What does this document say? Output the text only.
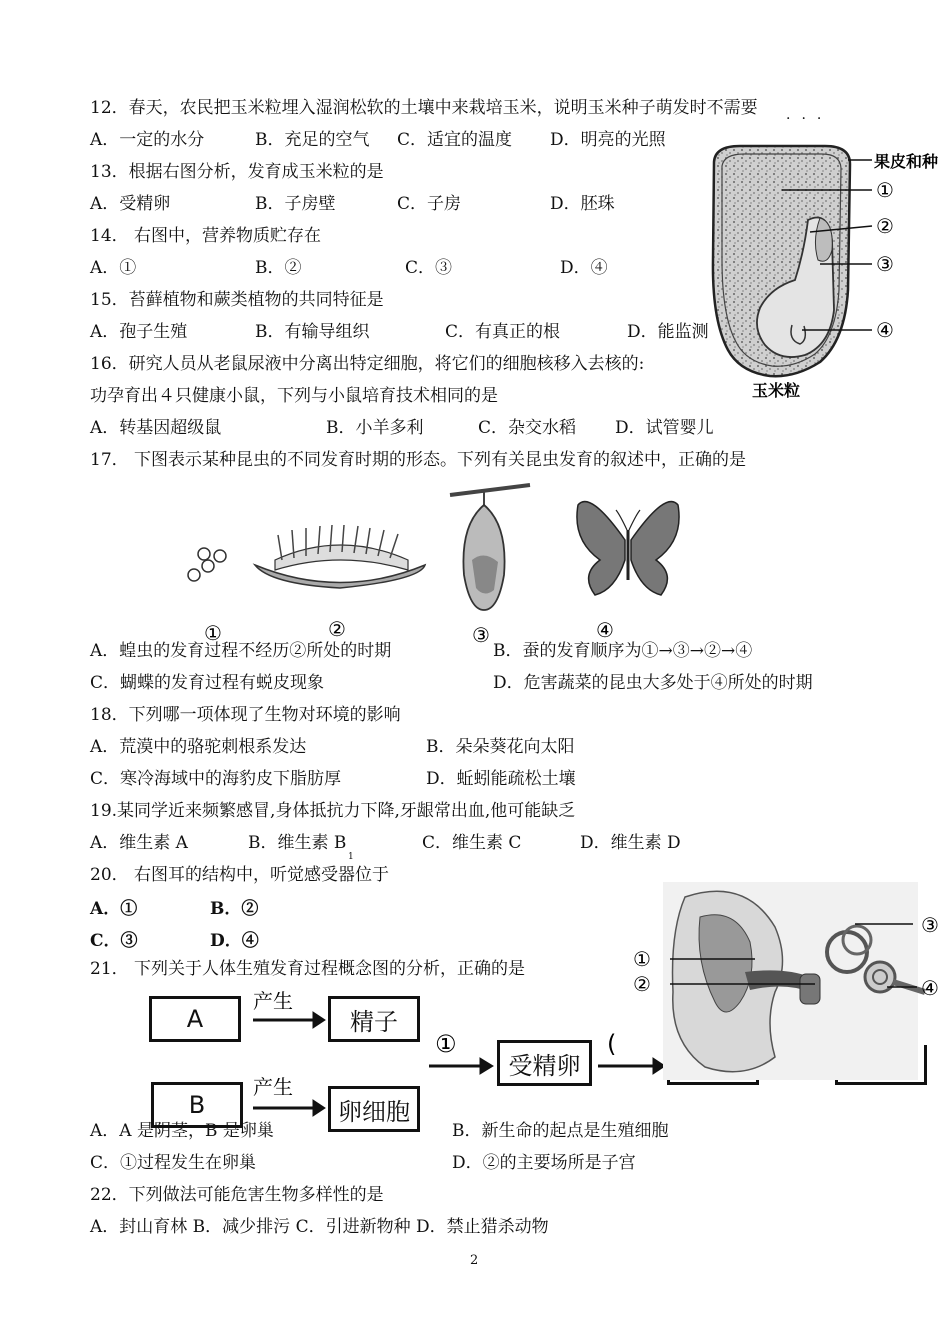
12．春天，农民把玉米粒埋入湿润松软的土壤中来栽培玉米，说明玉米种子萌发时不需要
···
A．一定的水分	B．充足的空气 C．适宜的温度 D．明亮的光照
13．根据右图分析，发育成玉米粒的是
A．受精卵	B．子房壁	C．子房	D．胚珠
14． 右图中，营养物质贮存在
A．①	B．②	C．③	D．④
15．苔藓植物和蕨类植物的共同特征是
A．孢子生殖	B．有输导组织	C．有真正的根	D．能监测
16．研究人员从老鼠尿液中分离出特定细胞，将它们的细胞核移入去核的:
功孕育出４只健康小鼠，下列与小鼠培育技术相同的是
A．转基因超级鼠	B．小羊多利	C．杂交水稻 D．试管婴儿
果皮和种
①
②
③
④
玉米粒
17． 下图表示某种昆虫的不同发育时期的形态。下列有关昆虫发育的叙述中，正确的是
①	②	③	④
A．蝗虫的发育过程不经历②所处的时期	B．蚕的发育顺序为①→③→②→④
C．蝴蝶的发育过程有蜕皮现象	D．危害蔬菜的昆虫大多处于④所处的时期
18．下列哪一项体现了生物对环境的影响
A．荒漠中的骆驼刺根系发达	B．朵朵葵花向太阳
C．寒冷海域中的海豹皮下脂肪厚	D．蚯蚓能疏松土壤
19.某同学近来频繁感冒,身体抵抗力下降,牙龈常出血,他可能缺乏
A．维生素 A	B．维生素 B	C．维生素 C	D．维生素 D
1
20． 右图耳的结构中，听觉感受器位于
A．①	B．②
C．③	D．④
21． 下列关于人体生殖发育过程概念图的分析，正确的是
A
B
精子
卵细胞
受精卵
产生
产生
①	(
①
②
③
④
A．A 是阴茎，B 是卵巢	B．新生命的起点是生殖细胞
C．①过程发生在卵巢	D．②的主要场所是子宫
22．下列做法可能危害生物多样性的是
A．封山育林 B．减少排污 C．引进新物种 D．禁止猎杀动物
2
